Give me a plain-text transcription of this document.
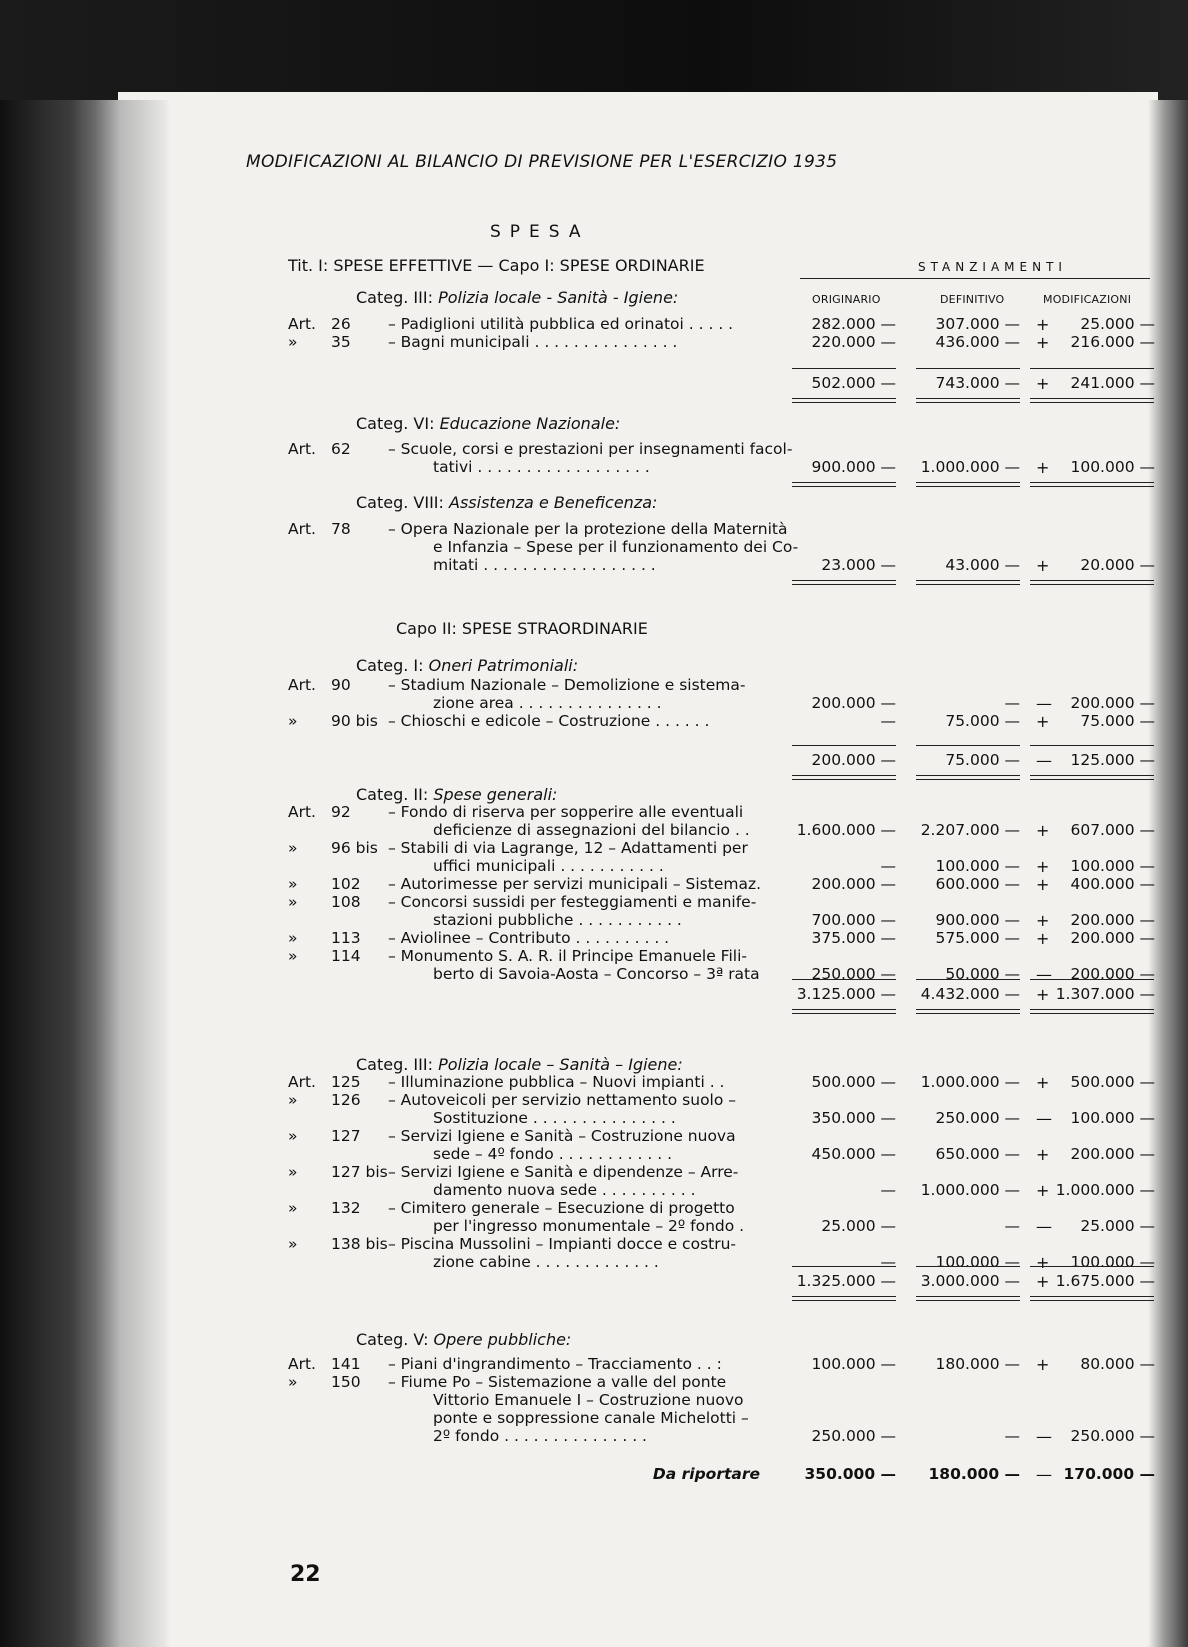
MODIFICAZIONI AL BILANCIO DI PREVISIONE PER L'ESERCIZIO 1935
SPESA
Tit. I: SPESE EFFETTIVE — Capo I: SPESE ORDINARIE	STANZIAMENTI
ORIGINARIO	DEFINITIVO	MODIFICAZIONI
Categ. III: Polizia locale - Sanità - Igiene:
Art. 26 – Padiglioni utilità pubblica ed orinatoi . . . . .	282.000 —	307.000 — + 25.000 —
» 35 – Bagni municipali . . . . . . . . . . . . . . .	220.000 —	436.000 — + 216.000 —
502.000 —	743.000 — + 241.000 —
Categ. VI: Educazione Nazionale:
Art. 62 – Scuole, corsi e prestazioni per insegnamenti facol-
tativi . . . . . . . . . . . . . . . . . .	900.000 — 1.000.000 — + 100.000 —
Categ. VIII: Assistenza e Beneficenza:
Art. 78 – Opera Nazionale per la protezione della Maternità
e Infanzia – Spese per il funzionamento dei Co-
mitati . . . . . . . . . . . . . . . . . .	23.000 —	43.000 — + 20.000 —
Capo II: SPESE STRAORDINARIE
Categ. I: Oneri Patrimoniali:
Art. 90 – Stadium Nazionale – Demolizione e sistema-
zione area . . . . . . . . . . . . . . .	200.000 —	— — 200.000 —
» 90 bis – Chioschi e edicole – Costruzione . . . . . .	—	75.000 — + 75.000 —
200.000 —	75.000 — — 125.000 —
Categ. II: Spese generali:
Art. 92 – Fondo di riserva per sopperire alle eventuali
deficienze di assegnazioni del bilancio . .	1.600.000 — 2.207.000 — + 607.000 —
» 96 bis – Stabili di via Lagrange, 12 – Adattamenti per
uffici municipali . . . . . . . . . . .	—	100.000 — + 100.000 —
» 102 – Autorimesse per servizi municipali – Sistemaz.	200.000 —	600.000 — + 400.000 —
» 108 – Concorsi sussidi per festeggiamenti e manife-
stazioni pubbliche . . . . . . . . . . .	700.000 —	900.000 — + 200.000 —
» 113 – Aviolinee – Contributo . . . . . . . . . .	375.000 —	575.000 — + 200.000 —
» 114 – Monumento S. A. R. il Principe Emanuele Fili-
berto di Savoia-Aosta – Concorso – 3ª rata	250.000 —	50.000 — — 200.000 —
3.125.000 — 4.432.000 — + 1.307.000 —
Categ. III: Polizia locale – Sanità – Igiene:
Art. 125 – Illuminazione pubblica – Nuovi impianti . .	500.000 — 1.000.000 — + 500.000 —
» 126 – Autoveicoli per servizio nettamento suolo –
Sostituzione . . . . . . . . . . . . . . .	350.000 —	250.000 — — 100.000 —
» 127 – Servizi Igiene e Sanità – Costruzione nuova
sede – 4º fondo . . . . . . . . . . . .	450.000 —	650.000 — + 200.000 —
» 127 bis – Servizi Igiene e Sanità e dipendenze – Arre-
damento nuova sede . . . . . . . . . .	— 1.000.000 — + 1.000.000 —
» 132 – Cimitero generale – Esecuzione di progetto
per l'ingresso monumentale – 2º fondo .	25.000 —	— — 25.000 —
» 138 bis – Piscina Mussolini – Impianti docce e costru-
zione cabine . . . . . . . . . . . . .	—	100.000 — + 100.000 —
1.325.000 — 3.000.000 — + 1.675.000 —
Categ. V: Opere pubbliche:
Art. 141 – Piani d'ingrandimento – Tracciamento . . :	100.000 —	180.000 — + 80.000 —
» 150 – Fiume Po – Sistemazione a valle del ponte
Vittorio Emanuele I – Costruzione nuovo
ponte e soppressione canale Michelotti –
2º fondo . . . . . . . . . . . . . . .	250.000 —	— — 250.000 —
Da riportare	350.000 — 180.000 — — 170.000 —
22
